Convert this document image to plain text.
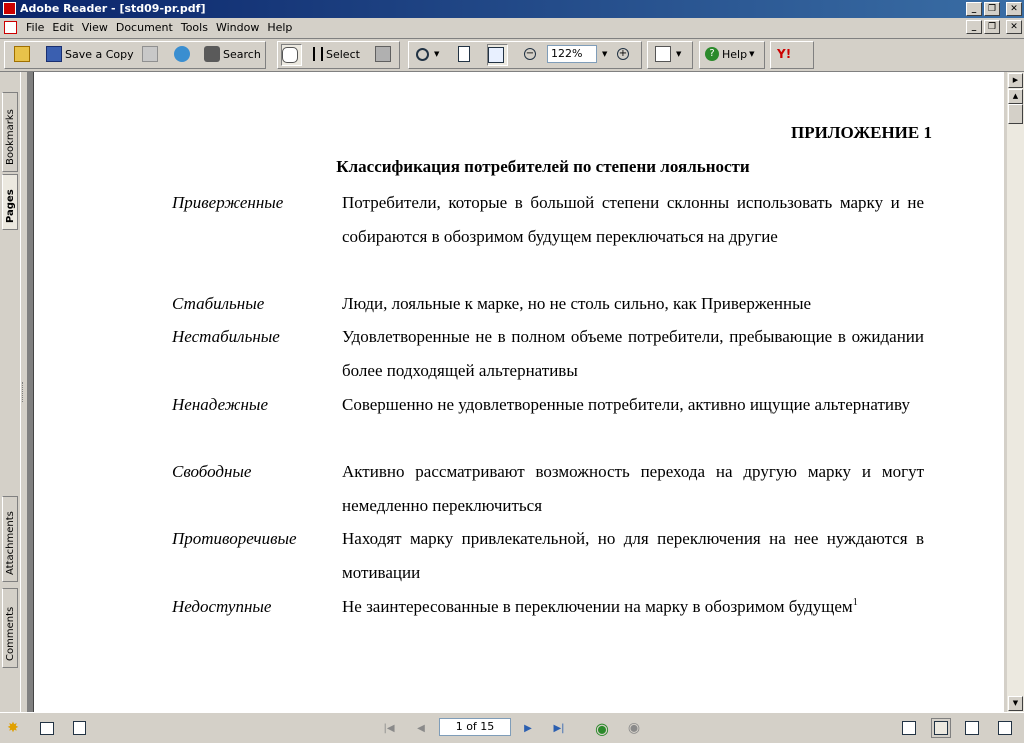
Adobe Reader - [std09-pr.pdf]	_	❐	✕
File Edit View Document Tools Window Help	_	❐	✕
Save a Copy	Search	Select	▼	−	122%	▼ +	▼	? Help ▼ Y!
Bookmarks
Pages
Attachments
Comments
ПРИЛОЖЕНИЕ 1
Классификация потребителей по степени лояльности
Приверженные	Потребители, которые в большой степени склонны использовать марку и не собираются в обозримом будущем переключаться на другие
Стабильные	Люди, лояльные к марке, но не столь сильно, как Приверженные
Нестабильные	Удовлетворенные не в полном объеме потребители, пребывающие в ожидании более подходящей альтернативы
Ненадежные	Совершенно не удовлетворенные потребители, активно ищущие альтернативу
Свободные	Активно рассматривают возможность перехода на другую марку и могут немедленно переключиться
Противоречивые	Находят марку привлекательной, но для переключения на нее нуждаются в мотивации
Недоступные	Не заинтересованные в переключении на марку в обозримом будущем$^1$
▶
▲
▼
✸	|◀ ◀	1 of 15	▶ ▶| ◉ ◉
